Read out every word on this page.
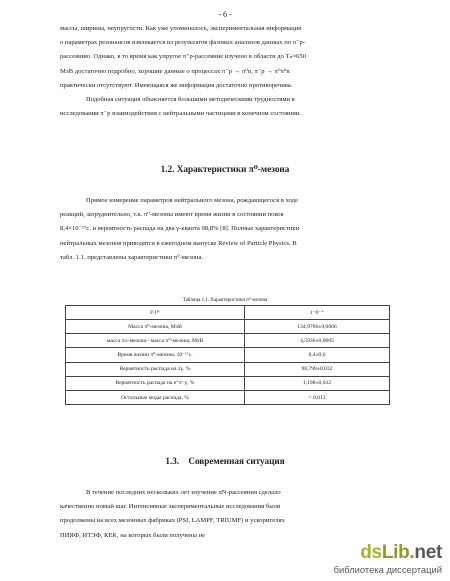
- 6 -

массы, ширины, неупругости. Как уже упоминалось, экспериментальная информация

о параметрах резонансов извлекается из результатов фазовых анализов данных по π⁻p-

рассеянию. Однако, в то время как упругое π⁺p-рассеяние изучено в области до Tₙ≈650

МэВ достаточно подробно, хорошие данные о процессах π⁻p → π⁰n, π⁻p → π⁰π⁰n

практически отсутствуют. Имеющаяся же информация достаточно противоречива.

Подобная ситуация объясняется большими методическими трудностями в

исследовании π⁻p взаимодействия с нейтральными частицами в конечном состоянии.

1.2. Характеристики π⁰-мезона

Прямое измерение параметров нейтрального мезона, рождающегося в ходе

реакций, затруднительно, т.к. π⁰-мезоны имеют время жизни в состоянии покоя

8,4×10⁻¹⁷с. и вероятность распада на два γ-кванта 98,8% [8]. Полные характеристики

нейтральных мезонов приводятся в ежегодном выпуске Review of Particle Physics. В

табл. 1.1. представлены характеристики π⁰-мезона.

Таблица 1.1. Характеристики π⁰-мезона
IᴳJᴾᶜ	1⁻0⁻⁺
Масса π⁰-мезона, МэВ	134,9766±0,0006
масса π±-мезона - масса π⁰-мезона, МэВ	4,5936±0,0005
Время жизни π⁰-мезона, 10⁻¹⁷с.	8,4±0,6
Вероятность распада на 2γ, %	98,798±0,032
Вероятность распада на e⁺e⁻γ, %	1,198±0,032
Остальные моды распада, %	< 0,013
1.3.    Современная ситуация

В течение последних нескольких лет изучение πN-рассеяния сделало

качественно новый шаг. Интенсивные экспериментальные исследования были

продолжены на всех мезонных фабриках (PSI, LAMPF, TRIUMF) и ускорителях

ПИЯФ, ИТЭФ, КЕК, на которых были получены не

dsLib.net
библиотека диссертаций
